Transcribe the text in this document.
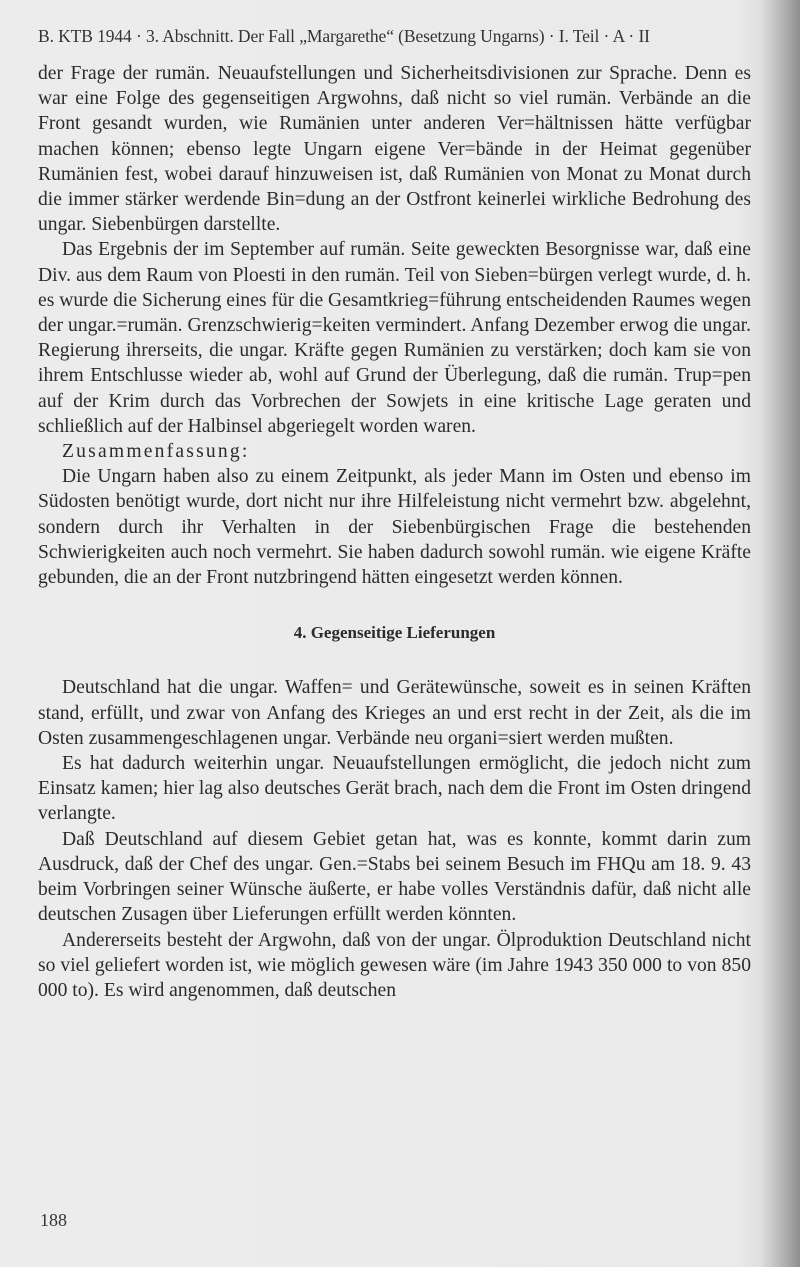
B. KTB 1944 · 3. Abschnitt. Der Fall „Margarethe“ (Besetzung Ungarns) · I. Teil · A · II

der Frage der rumän. Neuaufstellungen und Sicherheitsdivisionen zur Sprache. Denn es war eine Folge des gegenseitigen Argwohns, daß nicht so viel rumän. Verbände an die Front gesandt wurden, wie Rumänien unter anderen Ver=hältnissen hätte verfügbar machen können; ebenso legte Ungarn eigene Ver=bände in der Heimat gegenüber Rumänien fest, wobei darauf hinzuweisen ist, daß Rumänien von Monat zu Monat durch die immer stärker werdende Bin=dung an der Ostfront keinerlei wirkliche Bedrohung des ungar. Siebenbürgen darstellte.

Das Ergebnis der im September auf rumän. Seite geweckten Besorgnisse war, daß eine Div. aus dem Raum von Ploesti in den rumän. Teil von Sieben=bürgen verlegt wurde, d. h. es wurde die Sicherung eines für die Gesamtkrieg=führung entscheidenden Raumes wegen der ungar.=rumän. Grenzschwierig=keiten vermindert. Anfang Dezember erwog die ungar. Regierung ihrerseits, die ungar. Kräfte gegen Rumänien zu verstärken; doch kam sie von ihrem Entschlusse wieder ab, wohl auf Grund der Überlegung, daß die rumän. Trup=pen auf der Krim durch das Vorbrechen der Sowjets in eine kritische Lage geraten und schließlich auf der Halbinsel abgeriegelt worden waren.

Zusammenfassung:

Die Ungarn haben also zu einem Zeitpunkt, als jeder Mann im Osten und ebenso im Südosten benötigt wurde, dort nicht nur ihre Hilfeleistung nicht vermehrt bzw. abgelehnt, sondern durch ihr Verhalten in der Siebenbürgischen Frage die bestehenden Schwierigkeiten auch noch vermehrt. Sie haben dadurch sowohl rumän. wie eigene Kräfte gebunden, die an der Front nutzbringend hätten eingesetzt werden können.

4. Gegenseitige Lieferungen

Deutschland hat die ungar. Waffen= und Gerätewünsche, soweit es in seinen Kräften stand, erfüllt, und zwar von Anfang des Krieges an und erst recht in der Zeit, als die im Osten zusammengeschlagenen ungar. Verbände neu organi=siert werden mußten.

Es hat dadurch weiterhin ungar. Neuaufstellungen ermöglicht, die jedoch nicht zum Einsatz kamen; hier lag also deutsches Gerät brach, nach dem die Front im Osten dringend verlangte.

Daß Deutschland auf diesem Gebiet getan hat, was es konnte, kommt darin zum Ausdruck, daß der Chef des ungar. Gen.=Stabs bei seinem Besuch im FHQu am 18. 9. 43 beim Vorbringen seiner Wünsche äußerte, er habe volles Verständnis dafür, daß nicht alle deutschen Zusagen über Lieferungen erfüllt werden könnten.

Andererseits besteht der Argwohn, daß von der ungar. Ölproduktion Deutschland nicht so viel geliefert worden ist, wie möglich gewesen wäre (im Jahre 1943 350 000 to von 850 000 to). Es wird angenommen, daß deutschen

188
